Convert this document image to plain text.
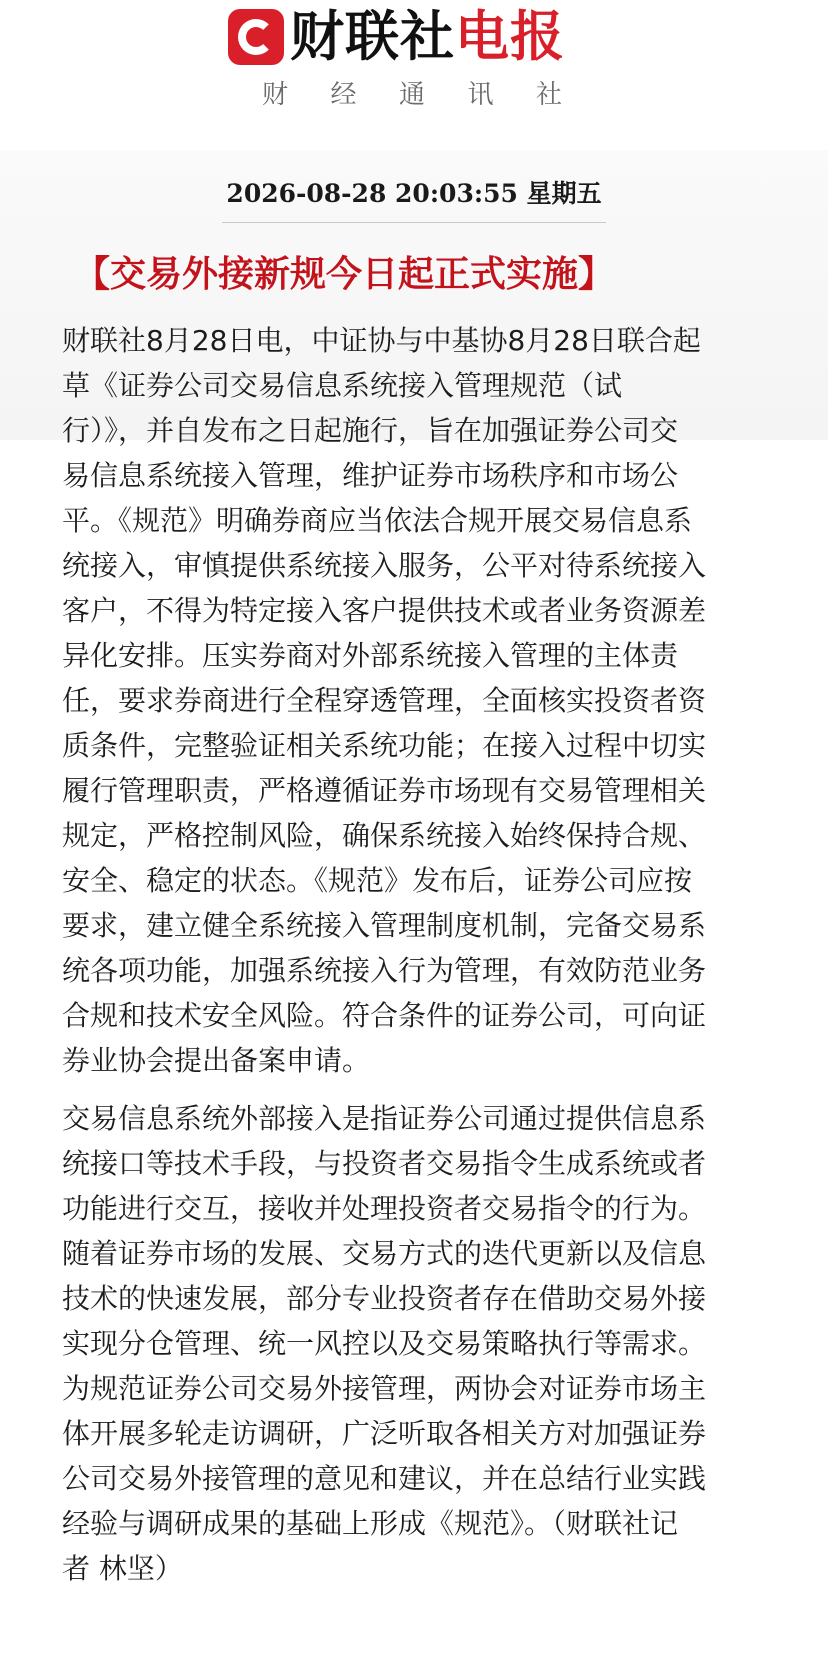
财联社 电报
财 经 通 讯 社
2026-08-28 20:03:55 星期五
【交易外接新规今日起正式实施】
财联社8月28日电，中证协与中基协8月28日联合起
草《证券公司交易信息系统接入管理规范（试
行）》，并自发布之日起施行，旨在加强证券公司交
易信息系统接入管理，维护证券市场秩序和市场公
平。《规范》明确券商应当依法合规开展交易信息系
统接入，审慎提供系统接入服务，公平对待系统接入
客户，不得为特定接入客户提供技术或者业务资源差
异化安排。压实券商对外部系统接入管理的主体责
任，要求券商进行全程穿透管理，全面核实投资者资
质条件，完整验证相关系统功能；在接入过程中切实
履行管理职责，严格遵循证券市场现有交易管理相关
规定，严格控制风险，确保系统接入始终保持合规、
安全、稳定的状态。《规范》发布后，证券公司应按
要求，建立健全系统接入管理制度机制，完备交易系
统各项功能，加强系统接入行为管理，有效防范业务
合规和技术安全风险。符合条件的证券公司，可向证
券业协会提出备案申请。
交易信息系统外部接入是指证券公司通过提供信息系
统接口等技术手段，与投资者交易指令生成系统或者
功能进行交互，接收并处理投资者交易指令的行为。
随着证券市场的发展、交易方式的迭代更新以及信息
技术的快速发展，部分专业投资者存在借助交易外接
实现分仓管理、统一风控以及交易策略执行等需求。
为规范证券公司交易外接管理，两协会对证券市场主
体开展多轮走访调研，广泛听取各相关方对加强证券
公司交易外接管理的意见和建议，并在总结行业实践
经验与调研成果的基础上形成《规范》。（财联社记
者 林坚）
